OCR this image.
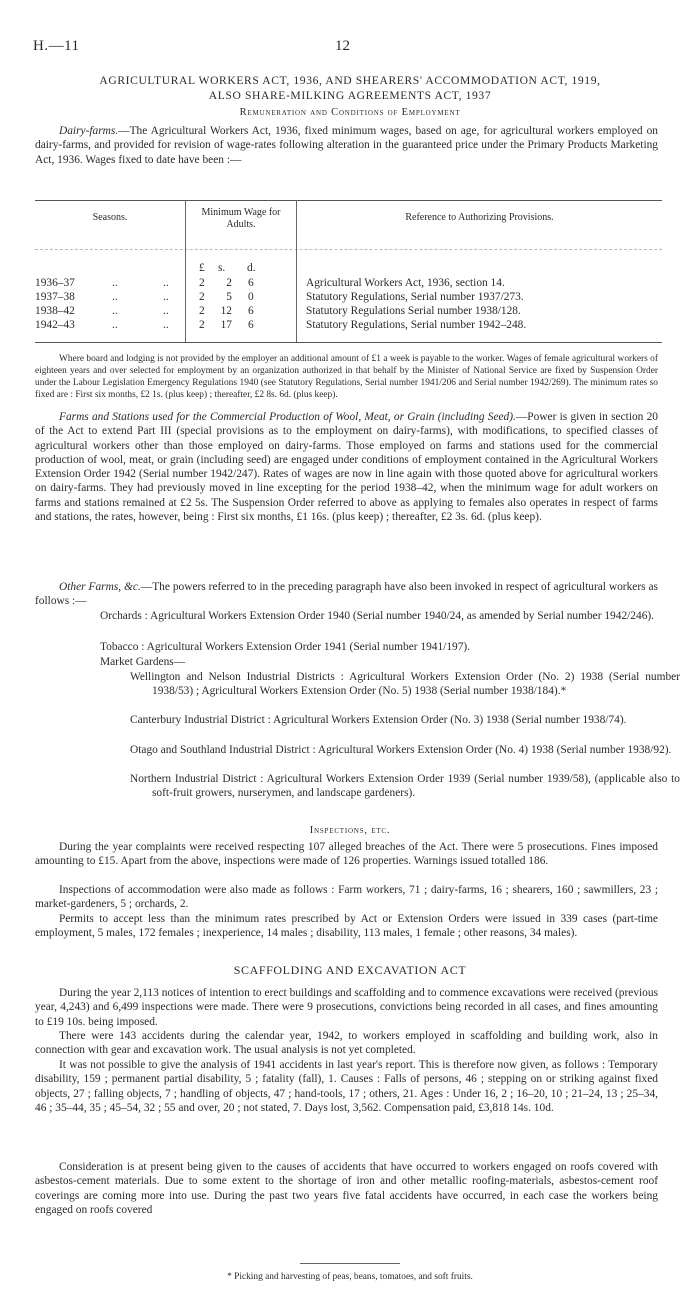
H.—11	12
AGRICULTURAL WORKERS ACT, 1936, AND SHEARERS' ACCOMMODATION ACT, 1919,
ALSO SHARE-MILKING AGREEMENTS ACT, 1937
Remuneration and Conditions of Employment

Dairy-farms.—The Agricultural Workers Act, 1936, fixed minimum wages, based on age, for agricultural workers employed on dairy-farms, and provided for revision of wage-rates following alteration in the guaranteed price under the Primary Products Marketing Act, 1936. Wages fixed to date have been :—

Seasons.	Minimum Wage for Adults.
Reference to Authorizing Provisions.
£ s. d.
1936–37	..	..	2	2 6	Agricultural Workers Act, 1936, section 14.
1937–38	..	..	2	5 0	Statutory Regulations, Serial number 1937/273.
1938–42	..	..	2 12 6	Statutory Regulations Serial number 1938/128.
1942–43	..	..	2 17 6	Statutory Regulations, Serial number 1942–248.

Where board and lodging is not provided by the employer an additional amount of £1 a week is payable to the worker. Wages of female agricultural workers of eighteen years and over selected for employment by an organization authorized in that behalf by the Minister of National Service are fixed by Suspension Order under the Labour Legislation Emergency Regulations 1940 (see Statutory Regulations, Serial number 1941/206 and Serial number 1942/269). The minimum rates so fixed are : First six months, £2 1s. (plus keep) ; thereafter, £2 8s. 6d. (plus keep).

Farms and Stations used for the Commercial Production of Wool, Meat, or Grain (including Seed).—Power is given in section 20 of the Act to extend Part III (special provisions as to the employment on dairy-farms), with modifications, to specified classes of agricultural workers other than those employed on dairy-farms. Those employed on farms and stations used for the commercial production of wool, meat, or grain (including seed) are engaged under conditions of employment contained in the Agricultural Workers Extension Order 1942 (Serial number 1942/247). Rates of wages are now in line again with those quoted above for agricultural workers on dairy-farms. They had previously moved in line excepting for the period 1938–42, when the minimum wage for adult workers on farms and stations remained at £2 5s. The Suspension Order referred to above as applying to females also operates in respect of farms and stations, the rates, however, being : First six months, £1 16s. (plus keep) ; thereafter, £2 3s. 6d. (plus keep).

Other Farms, &c.—The powers referred to in the preceding paragraph have also been invoked in respect of agricultural workers as follows :—

Orchards : Agricultural Workers Extension Order 1940 (Serial number 1940/24, as amended by Serial number 1942/246).

Tobacco : Agricultural Workers Extension Order 1941 (Serial number 1941/197).

Market Gardens—

Wellington and Nelson Industrial Districts : Agricultural Workers Extension Order (No. 2) 1938 (Serial number 1938/53) ; Agricultural Workers Extension Order (No. 5) 1938 (Serial number 1938/184).*

Canterbury Industrial District : Agricultural Workers Extension Order (No. 3) 1938 (Serial number 1938/74).

Otago and Southland Industrial District : Agricultural Workers Extension Order (No. 4) 1938 (Serial number 1938/92).

Northern Industrial District : Agricultural Workers Extension Order 1939 (Serial number 1939/58), (applicable also to soft-fruit growers, nurserymen, and landscape gardeners).

Inspections, etc.

During the year complaints were received respecting 107 alleged breaches of the Act. There were 5 prosecutions. Fines imposed amounting to £15. Apart from the above, inspections were made of 126 properties. Warnings issued totalled 186.

Inspections of accommodation were also made as follows : Farm workers, 71 ; dairy-farms, 16 ; shearers, 160 ; sawmillers, 23 ; market-gardeners, 5 ; orchards, 2.

Permits to accept less than the minimum rates prescribed by Act or Extension Orders were issued in 339 cases (part-time employment, 5 males, 172 females ; inexperience, 14 males ; disability, 113 males, 1 female ; other reasons, 34 males).

SCAFFOLDING AND EXCAVATION ACT

During the year 2,113 notices of intention to erect buildings and scaffolding and to commence excavations were received (previous year, 4,243) and 6,499 inspections were made. There were 9 prosecutions, convictions being recorded in all cases, and fines amounting to £19 10s. being imposed.

There were 143 accidents during the calendar year, 1942, to workers employed in scaffolding and building work, also in connection with gear and excavation work. The usual analysis is not yet completed.

It was not possible to give the analysis of 1941 accidents in last year's report. This is therefore now given, as follows : Temporary disability, 159 ; permanent partial disability, 5 ; fatality (fall), 1. Causes : Falls of persons, 46 ; stepping on or striking against fixed objects, 27 ; falling objects, 7 ; handling of objects, 47 ; hand-tools, 17 ; others, 21. Ages : Under 16, 2 ; 16–20, 10 ; 21–24, 13 ; 25–34, 46 ; 35–44, 35 ; 45–54, 32 ; 55 and over, 20 ; not stated, 7. Days lost, 3,562. Compensation paid, £3,818 14s. 10d.

Consideration is at present being given to the causes of accidents that have occurred to workers engaged on roofs covered with asbestos-cement materials. Due to some extent to the shortage of iron and other metallic roofing-materials, asbestos-cement roof coverings are coming more into use. During the past two years five fatal accidents have occurred, in each case the workers being engaged on roofs covered

* Picking and harvesting of peas, beans, tomatoes, and soft fruits.
